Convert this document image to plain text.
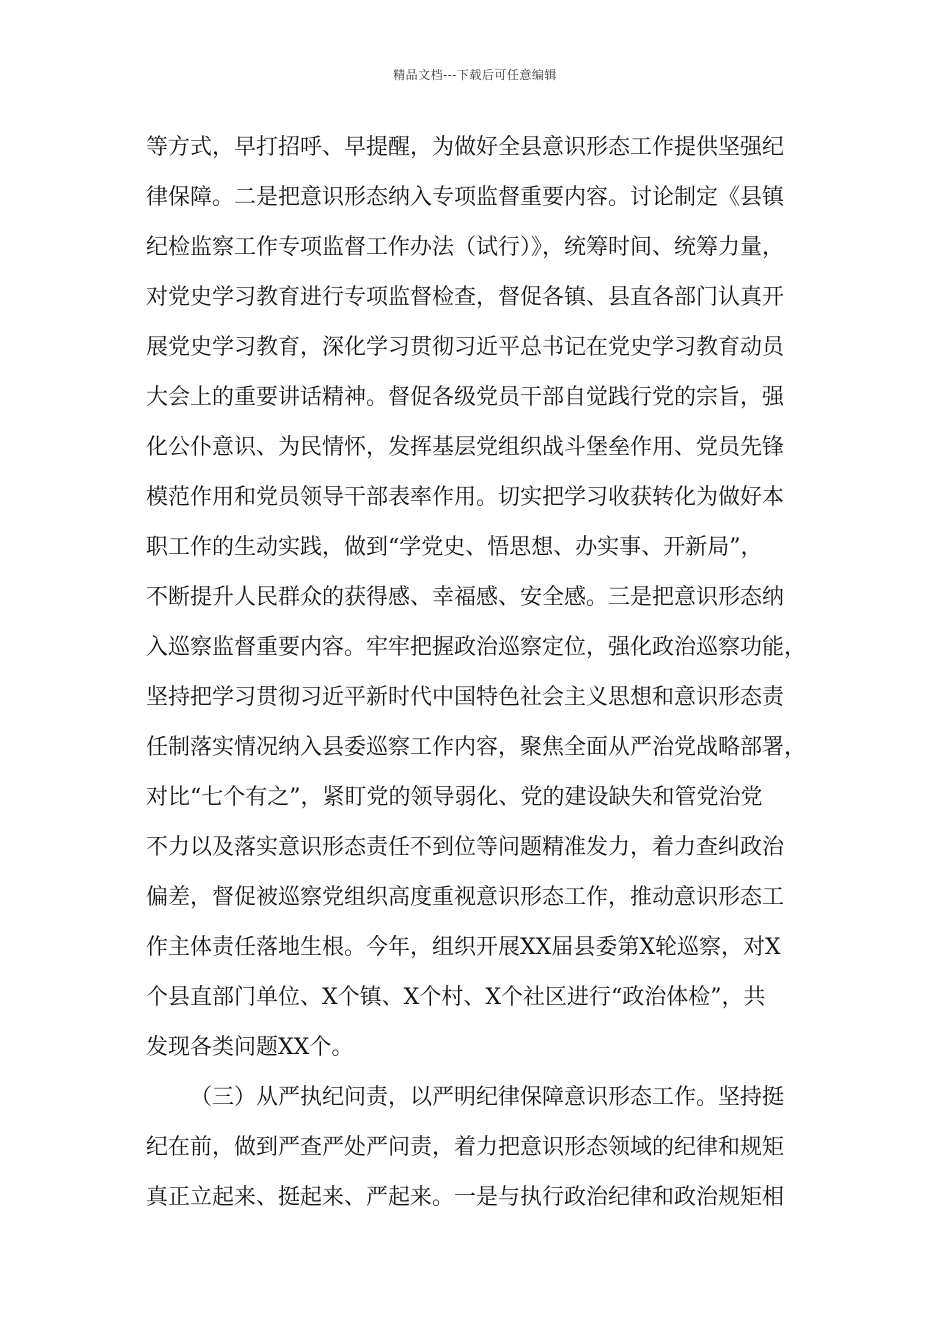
精品文档---下载后可任意编辑
等方式，早打招呼、早提醒，为做好全县意识形态工作提供坚强纪
律保障。二是把意识形态纳入专项监督重要内容。讨论制定《县镇
纪检监察工作专项监督工作办法（试行）》，统筹时间、统筹力量，
对党史学习教育进行专项监督检查，督促各镇、县直各部门认真开
展党史学习教育，深化学习贯彻习近平总书记在党史学习教育动员
大会上的重要讲话精神。督促各级党员干部自觉践行党的宗旨，强
化公仆意识、为民情怀，发挥基层党组织战斗堡垒作用、党员先锋
模范作用和党员领导干部表率作用。切实把学习收获转化为做好本
职工作的生动实践，做到“学党史、悟思想、办实事、开新局”，
不断提升人民群众的获得感、幸福感、安全感。三是把意识形态纳
入巡察监督重要内容。牢牢把握政治巡察定位，强化政治巡察功能，
坚持把学习贯彻习近平新时代中国特色社会主义思想和意识形态责
任制落实情况纳入县委巡察工作内容，聚焦全面从严治党战略部署，
对比“七个有之”，紧盯党的领导弱化、党的建设缺失和管党治党
不力以及落实意识形态责任不到位等问题精准发力，着力查纠政治
偏差，督促被巡察党组织高度重视意识形态工作，推动意识形态工
作主体责任落地生根。今年，组织开展XX届县委第X轮巡察，对X
个县直部门单位、X个镇、X个村、X个社区进行“政治体检”，共
发现各类问题XX个。
（三）从严执纪问责，以严明纪律保障意识形态工作。坚持挺
纪在前，做到严查严处严问责，着力把意识形态领域的纪律和规矩
真正立起来、挺起来、严起来。一是与执行政治纪律和政治规矩相
